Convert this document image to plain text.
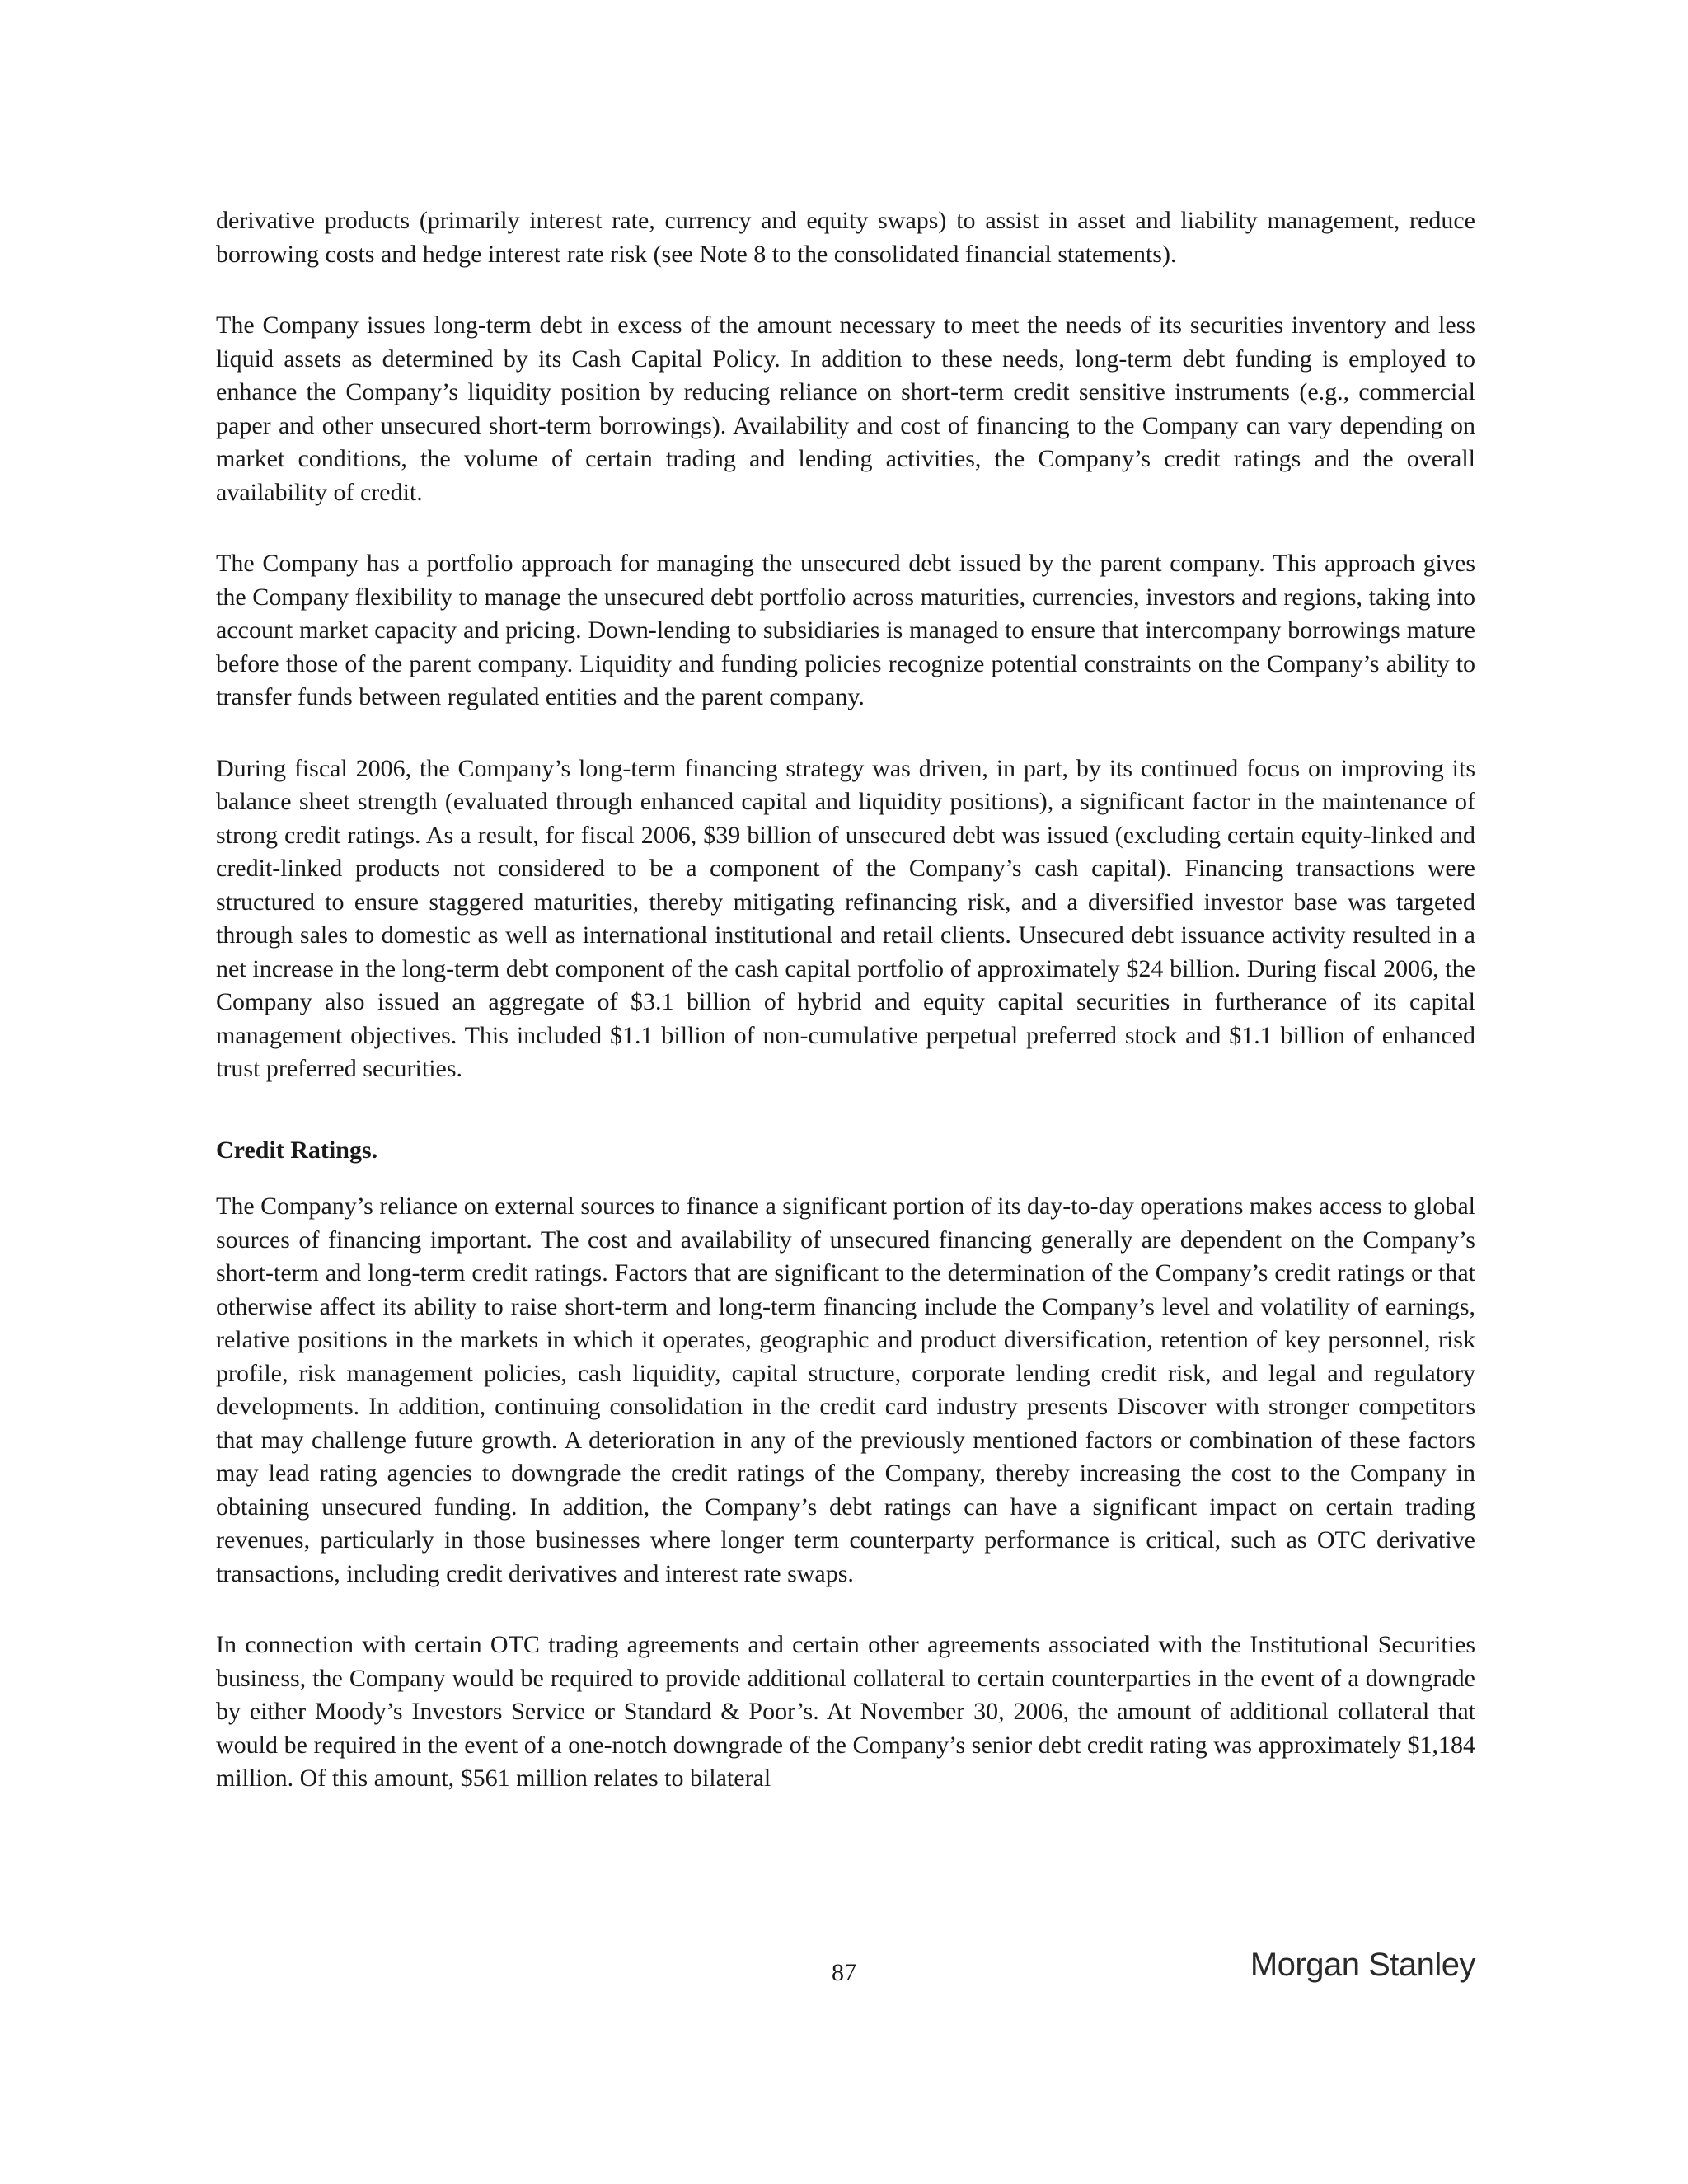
derivative products (primarily interest rate, currency and equity swaps) to assist in asset and liability management, reduce borrowing costs and hedge interest rate risk (see Note 8 to the consolidated financial statements).

The Company issues long-term debt in excess of the amount necessary to meet the needs of its securities inventory and less liquid assets as determined by its Cash Capital Policy. In addition to these needs, long-term debt funding is employed to enhance the Company’s liquidity position by reducing reliance on short-term credit sensitive instruments (e.g., commercial paper and other unsecured short-term borrowings). Availability and cost of financing to the Company can vary depending on market conditions, the volume of certain trading and lending activities, the Company’s credit ratings and the overall availability of credit.

The Company has a portfolio approach for managing the unsecured debt issued by the parent company. This approach gives the Company flexibility to manage the unsecured debt portfolio across maturities, currencies, investors and regions, taking into account market capacity and pricing. Down-lending to subsidiaries is managed to ensure that intercompany borrowings mature before those of the parent company. Liquidity and funding policies recognize potential constraints on the Company’s ability to transfer funds between regulated entities and the parent company.

During fiscal 2006, the Company’s long-term financing strategy was driven, in part, by its continued focus on improving its balance sheet strength (evaluated through enhanced capital and liquidity positions), a significant factor in the maintenance of strong credit ratings. As a result, for fiscal 2006, $39 billion of unsecured debt was issued (excluding certain equity-linked and credit-linked products not considered to be a component of the Company’s cash capital). Financing transactions were structured to ensure staggered maturities, thereby mitigating refinancing risk, and a diversified investor base was targeted through sales to domestic as well as international institutional and retail clients. Unsecured debt issuance activity resulted in a net increase in the long-term debt component of the cash capital portfolio of approximately $24 billion. During fiscal 2006, the Company also issued an aggregate of $3.1 billion of hybrid and equity capital securities in furtherance of its capital management objectives. This included $1.1 billion of non-cumulative perpetual preferred stock and $1.1 billion of enhanced trust preferred securities.

Credit Ratings.

The Company’s reliance on external sources to finance a significant portion of its day-to-day operations makes access to global sources of financing important. The cost and availability of unsecured financing generally are dependent on the Company’s short-term and long-term credit ratings. Factors that are significant to the determination of the Company’s credit ratings or that otherwise affect its ability to raise short-term and long-term financing include the Company’s level and volatility of earnings, relative positions in the markets in which it operates, geographic and product diversification, retention of key personnel, risk profile, risk management policies, cash liquidity, capital structure, corporate lending credit risk, and legal and regulatory developments. In addition, continuing consolidation in the credit card industry presents Discover with stronger competitors that may challenge future growth. A deterioration in any of the previously mentioned factors or combination of these factors may lead rating agencies to downgrade the credit ratings of the Company, thereby increasing the cost to the Company in obtaining unsecured funding. In addition, the Company’s debt ratings can have a significant impact on certain trading revenues, particularly in those businesses where longer term counterparty performance is critical, such as OTC derivative transactions, including credit derivatives and interest rate swaps.

In connection with certain OTC trading agreements and certain other agreements associated with the Institutional Securities business, the Company would be required to provide additional collateral to certain counterparties in the event of a downgrade by either Moody’s Investors Service or Standard & Poor’s. At November 30, 2006, the amount of additional collateral that would be required in the event of a one-notch downgrade of the Company’s senior debt credit rating was approximately $1,184 million. Of this amount, $561 million relates to bilateral

87	Morgan Stanley
